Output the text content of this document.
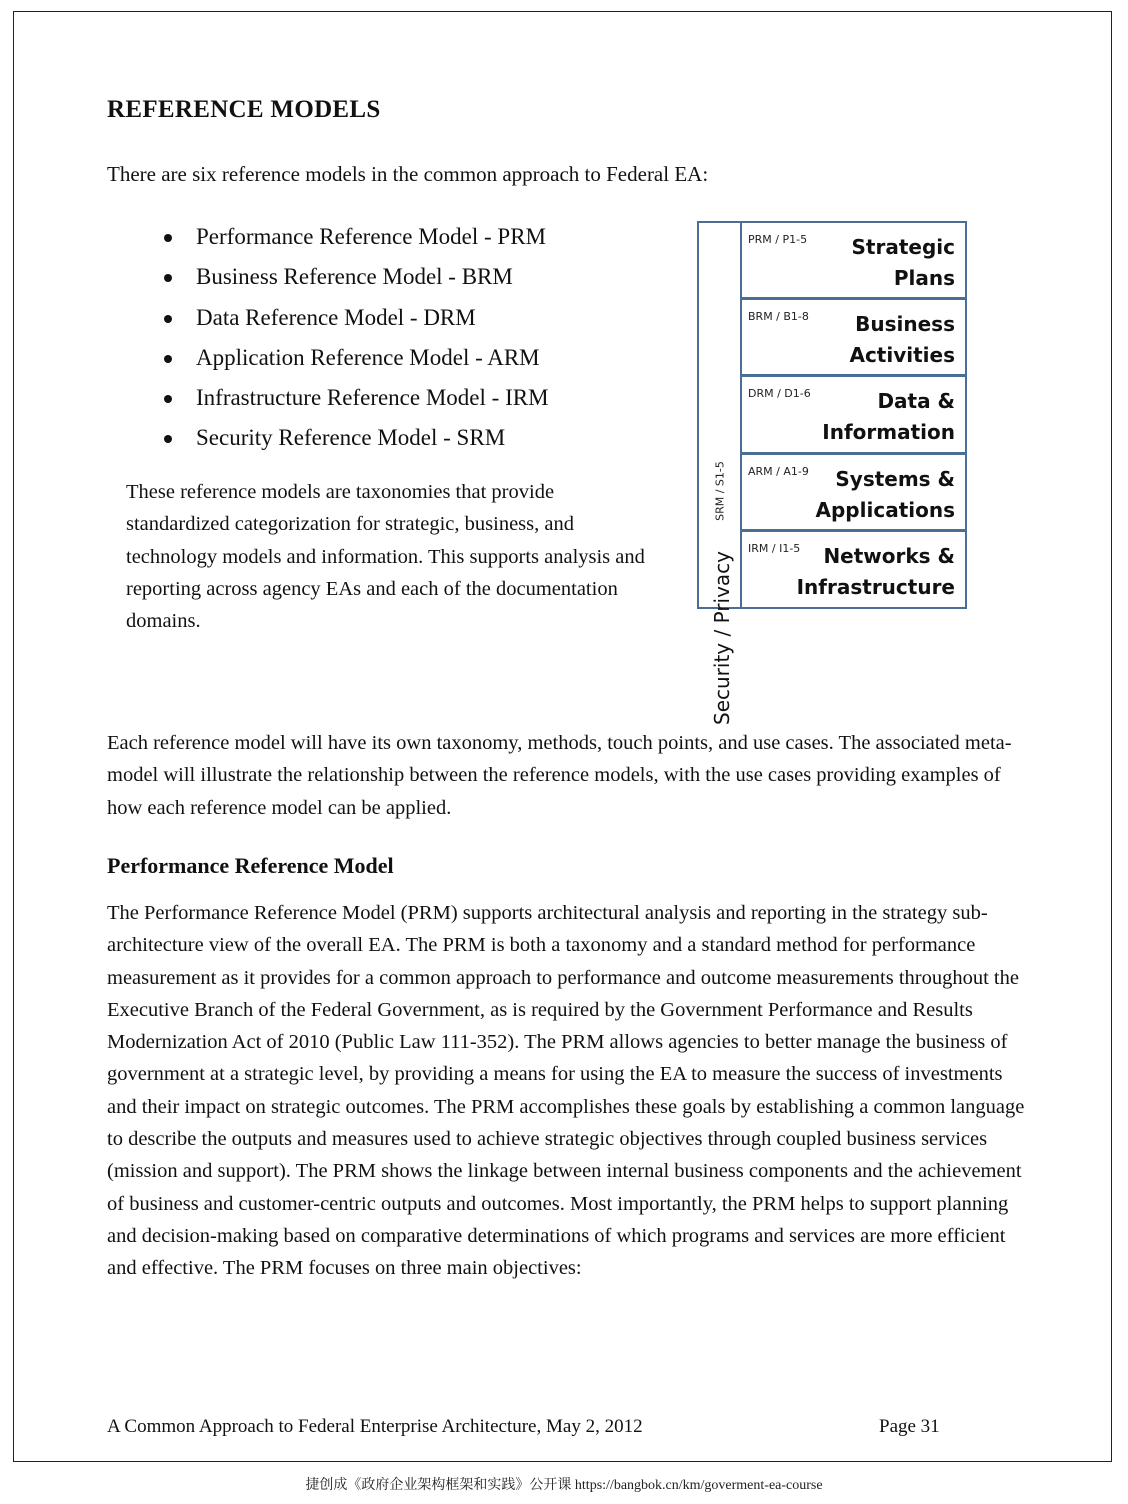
REFERENCE MODELS

There are six reference models in the common approach to Federal EA:

Performance Reference Model - PRM
Business Reference Model - BRM
Data Reference Model - DRM
Application Reference Model - ARM
Infrastructure Reference Model - IRM
Security Reference Model - SRM

These reference models are taxonomies that provide standardized categorization for strategic, business, and technology models and information. This supports analysis and reporting across agency EAs and each of the documentation domains.

SRM / S1-5
Security / Privacy
PRM / P1-5 Strategic
Plans
BRM / B1-8 Business
Activities
DRM / D1-6	Data &
Information
ARM / A1-9	Systems &
Applications
IRM / I1-5	Networks &
Infrastructure

Each reference model will have its own taxonomy, methods, touch points, and use cases. The associated meta-model will illustrate the relationship between the reference models, with the use cases providing examples of how each reference model can be applied.

Performance Reference Model

The Performance Reference Model (PRM) supports architectural analysis and reporting in the strategy sub-architecture view of the overall EA. The PRM is both a taxonomy and a standard method for performance measurement as it provides for a common approach to performance and outcome measurements throughout the Executive Branch of the Federal Government, as is required by the Government Performance and Results Modernization Act of 2010 (Public Law 111-352). The PRM allows agencies to better manage the business of government at a strategic level, by providing a means for using the EA to measure the success of investments and their impact on strategic outcomes. The PRM accomplishes these goals by establishing a common language to describe the outputs and measures used to achieve strategic objectives through coupled business services (mission and support). The PRM shows the linkage between internal business components and the achievement of business and customer-centric outputs and outcomes. Most importantly, the PRM helps to support planning and decision-making based on comparative determinations of which programs and services are more efficient and effective. The PRM focuses on three main objectives:

A Common Approach to Federal Enterprise Architecture, May 2, 2012	Page 31
捷创成《政府企业架构框架和实践》公开课 https://bangbok.cn/km/goverment-ea-course
